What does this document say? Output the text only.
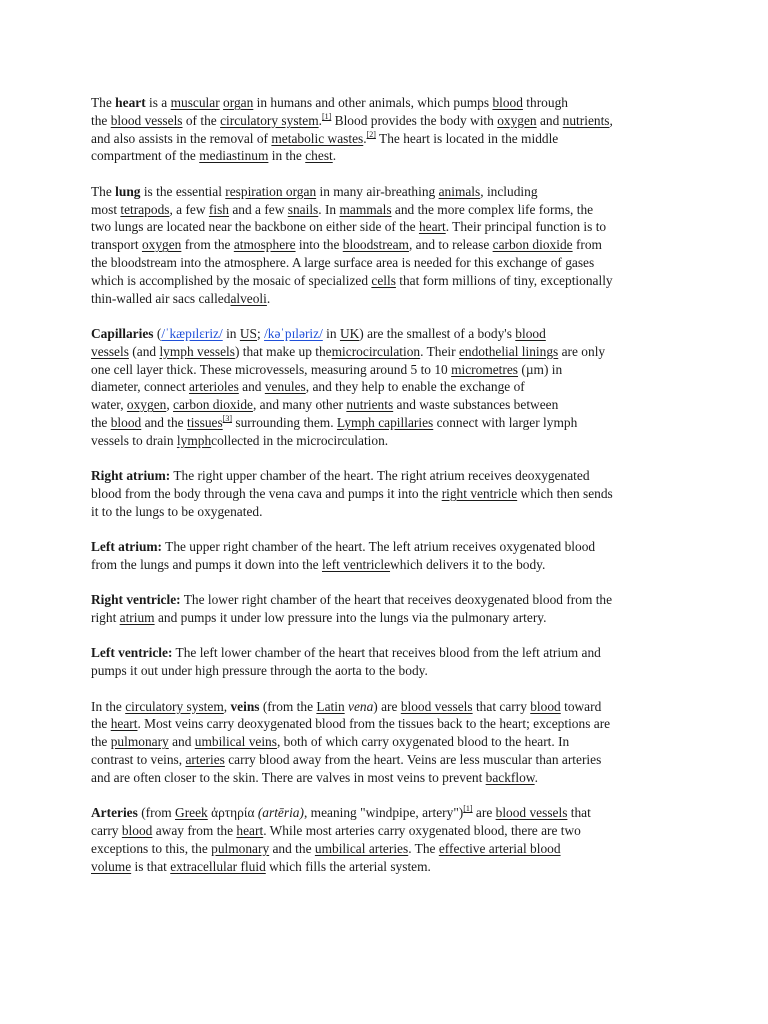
The heart is a muscular organ in humans and other animals, which pumps blood through
the blood vessels of the circulatory system.[1] Blood provides the body with oxygen and nutrients,
and also assists in the removal of metabolic wastes.[2] The heart is located in the middle
compartment of the mediastinum in the chest.

The lung is the essential respiration organ in many air-breathing animals, including
most tetrapods, a few fish and a few snails. In mammals and the more complex life forms, the
two lungs are located near the backbone on either side of the heart. Their principal function is to
transport oxygen from the atmosphere into the bloodstream, and to release carbon dioxide from
the bloodstream into the atmosphere. A large surface area is needed for this exchange of gases
which is accomplished by the mosaic of specialized cells that form millions of tiny, exceptionally
thin-walled air sacs calledalveoli.

Capillaries (/ˈkæpɪlɛriz/ in US; /kəˈpɪləriz/ in UK) are the smallest of a body's blood
vessels (and lymph vessels) that make up themicrocirculation. Their endothelial linings are only
one cell layer thick. These microvessels, measuring around 5 to 10 micrometres (µm) in
diameter, connect arterioles and venules, and they help to enable the exchange of
water, oxygen, carbon dioxide, and many other nutrients and waste substances between
the blood and the tissues[3] surrounding them. Lymph capillaries connect with larger lymph
vessels to drain lymphcollected in the microcirculation.

Right atrium: The right upper chamber of the heart. The right atrium receives deoxygenated
blood from the body through the vena cava and pumps it into the right ventricle which then sends
it to the lungs to be oxygenated.

Left atrium: The upper right chamber of the heart. The left atrium receives oxygenated blood
from the lungs and pumps it down into the left ventriclewhich delivers it to the body.

Right ventricle: The lower right chamber of the heart that receives deoxygenated blood from the
right atrium and pumps it under low pressure into the lungs via the pulmonary artery.

Left ventricle: The left lower chamber of the heart that receives blood from the left atrium and
pumps it out under high pressure through the aorta to the body.

In the circulatory system, veins (from the Latin vena) are blood vessels that carry blood toward
the heart. Most veins carry deoxygenated blood from the tissues back to the heart; exceptions are
the pulmonary and umbilical veins, both of which carry oxygenated blood to the heart. In
contrast to veins, arteries carry blood away from the heart. Veins are less muscular than arteries
and are often closer to the skin. There are valves in most veins to prevent backflow.

Arteries (from Greek ἀρτηρία (artēria), meaning "windpipe, artery")[1] are blood vessels that
carry blood away from the heart. While most arteries carry oxygenated blood, there are two
exceptions to this, the pulmonary and the umbilical arteries. The effective arterial blood
volume is that extracellular fluid which fills the arterial system.
